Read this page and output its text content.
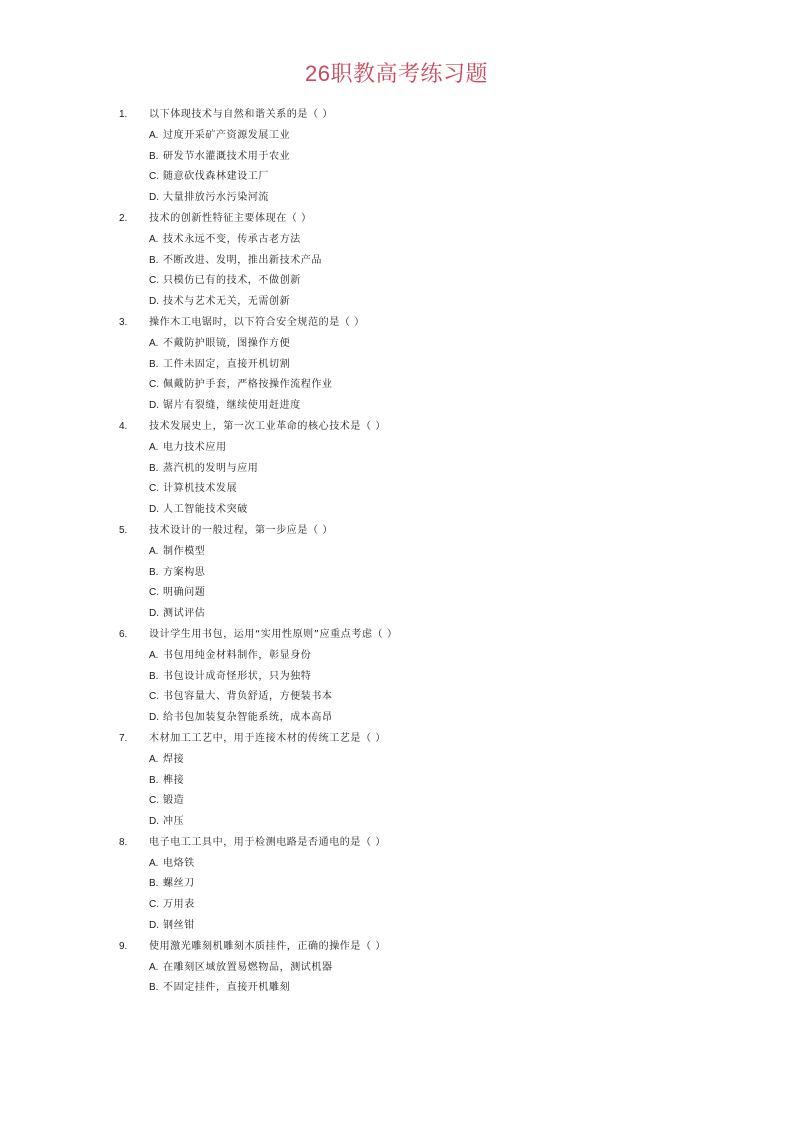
26职教高考练习题
1. 以下体现技术与自然和谐关系的是（ ）
A. 过度开采矿产资源发展工业
B. 研发节水灌溉技术用于农业
C. 随意砍伐森林建设工厂
D. 大量排放污水污染河流
2. 技术的创新性特征主要体现在（ ）
A. 技术永远不变，传承古老方法
B. 不断改进、发明，推出新技术产品
C. 只模仿已有的技术，不做创新
D. 技术与艺术无关，无需创新
3. 操作木工电锯时，以下符合安全规范的是（ ）
A. 不戴防护眼镜，图操作方便
B. 工件未固定，直接开机切割
C. 佩戴防护手套，严格按操作流程作业
D. 锯片有裂缝，继续使用赶进度
4. 技术发展史上，第一次工业革命的核心技术是（ ）
A. 电力技术应用
B. 蒸汽机的发明与应用
C. 计算机技术发展
D. 人工智能技术突破
5. 技术设计的一般过程，第一步应是（ ）
A. 制作模型
B. 方案构思
C. 明确问题
D. 测试评估
6. 设计学生用书包，运用“实用性原则”应重点考虑（ ）
A. 书包用纯金材料制作，彰显身份
B. 书包设计成奇怪形状，只为独特
C. 书包容量大、背负舒适，方便装书本
D. 给书包加装复杂智能系统，成本高昂
7. 木材加工工艺中，用于连接木材的传统工艺是（ ）
A. 焊接
B. 榫接
C. 锻造
D. 冲压
8. 电子电工工具中，用于检测电路是否通电的是（ ）
A. 电烙铁
B. 螺丝刀
C. 万用表
D. 钢丝钳
9. 使用激光雕刻机雕刻木质挂件，正确的操作是（ ）
A. 在雕刻区域放置易燃物品，测试机器
B. 不固定挂件，直接开机雕刻
